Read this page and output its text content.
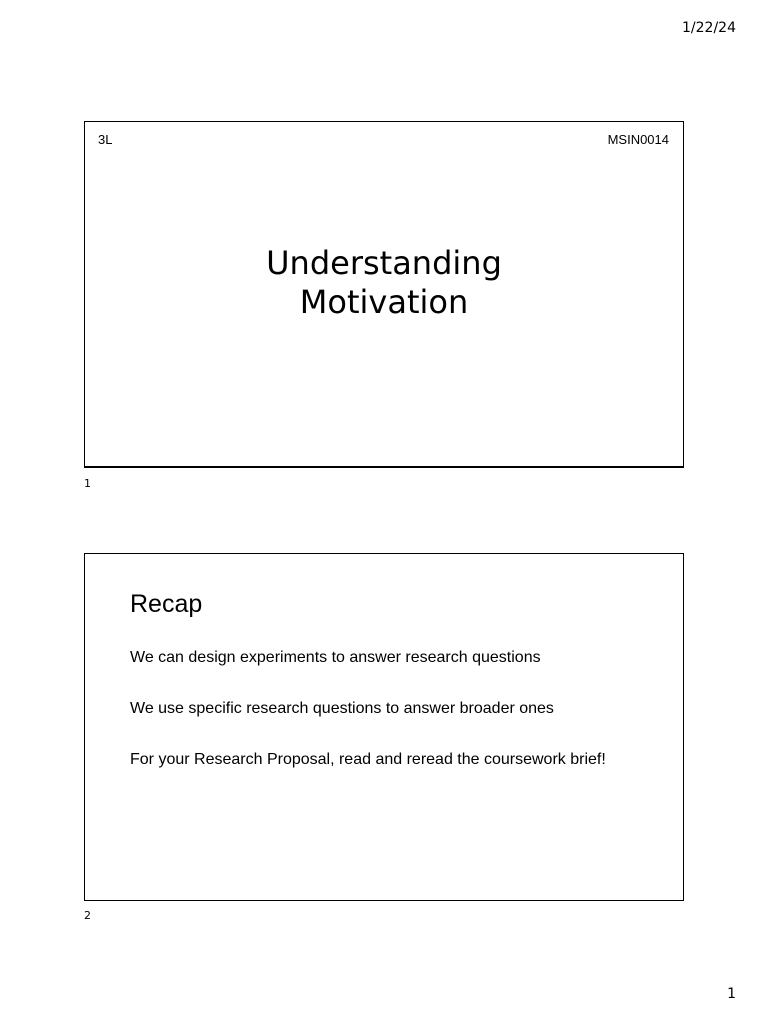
1/22/24
3L	MSIN0014
Understanding
Motivation
1
Recap
We can design experiments to answer research questions
We use specific research questions to answer broader ones
For your Research Proposal, read and reread the coursework brief!
2
1
